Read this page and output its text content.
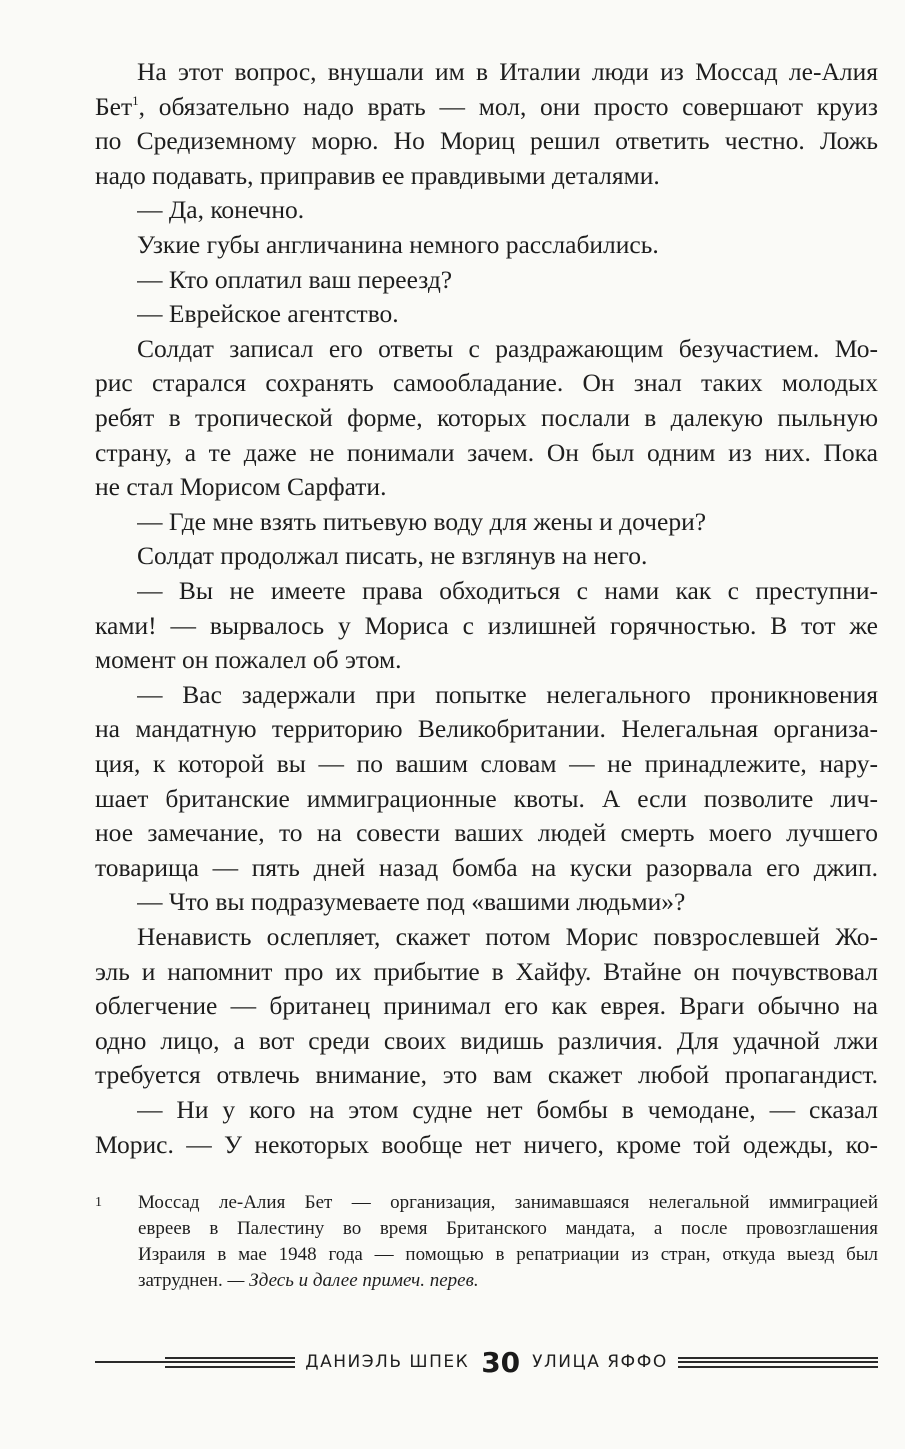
На этот вопрос, внушали им в Италии люди из Моссад ле-Алия
Бет$^1$, обязательно надо врать — мол, они просто совершают круиз
по Средиземному морю. Но Мориц решил ответить честно. Ложь
надо подавать, приправив ее правдивыми деталями.
— Да, конечно.
Узкие губы англичанина немного расслабились.
— Кто оплатил ваш переезд?
— Еврейское агентство.
Солдат записал его ответы с раздражающим безучастием. Мо-
рис старался сохранять самообладание. Он знал таких молодых
ребят в тропической форме, которых послали в далекую пыльную
страну, а те даже не понимали зачем. Он был одним из них. Пока
не стал Морисом Сарфати.
— Где мне взять питьевую воду для жены и дочери?
Солдат продолжал писать, не взглянув на него.
— Вы не имеете права обходиться с нами как с преступни-
ками! — вырвалось у Мориса с излишней горячностью. В тот же
момент он пожалел об этом.
— Вас задержали при попытке нелегального проникновения
на мандатную территорию Великобритании. Нелегальная организа-
ция, к которой вы — по вашим словам — не принадлежите, нару-
шает британские иммиграционные квоты. А если позволите лич-
ное замечание, то на совести ваших людей смерть моего лучшего
товарища — пять дней назад бомба на куски разорвала его джип.
— Что вы подразумеваете под «вашими людьми»?
Ненависть ослепляет, скажет потом Морис повзрослевшей Жо-
эль и напомнит про их прибытие в Хайфу. Втайне он почувствовал
облегчение — британец принимал его как еврея. Враги обычно на
одно лицо, а вот среди своих видишь различия. Для удачной лжи
требуется отвлечь внимание, это вам скажет любой пропагандист.
— Ни у кого на этом судне нет бомбы в чемодане, — сказал
Морис. — У некоторых вообще нет ничего, кроме той одежды, ко-
1 Моссад ле-Алия Бет — организация, занимавшаяся нелегальной иммиграцией
евреев в Палестину во время Британского мандата, а после провозглашения
Израиля в мае 1948 года — помощью в репатриации из стран, откуда выезд был
затруднен. — Здесь и далее примеч. перев.
ДАНИЭЛЬ ШПЕК 30 УЛИЦА ЯФФО
